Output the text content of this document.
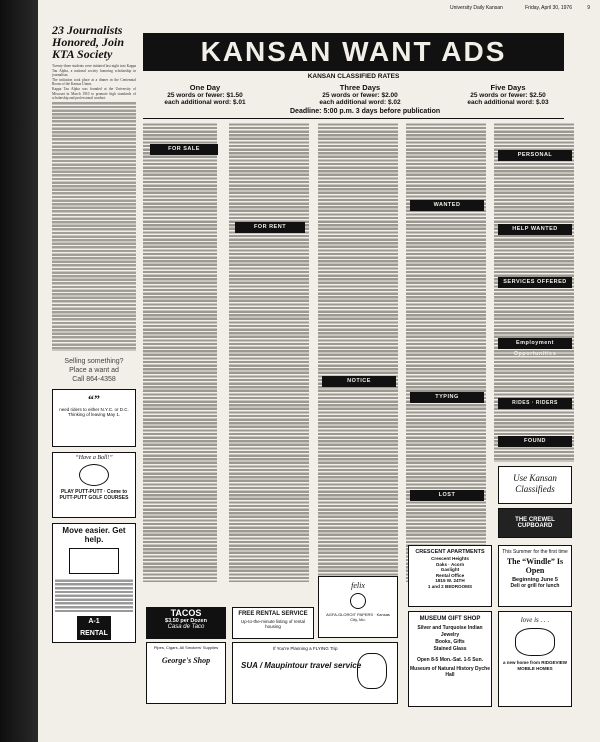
University Daily Kansan	Friday, April 30, 1976	9
23 Journalists Honored, Join KTA Society

Twenty-three students were initiated last night into Kappa Tau Alpha, a national society honoring scholarship in journalism.

The initiation took place at a dinner in the Centennial Room of the Kansas Union.

Kappa Tau Alpha was founded at the University of Missouri in March 1910 to promote high standards of scholarship and professional conduct.

Selling something?
Place a want ad
Call 864-4358
“”
need riders to either N.Y.C. or D.C. Thinking of leaving May 1.
“Have a Ball!”
PLAY PUTT-PUTT · Come to PUTT-PUTT GOLF COURSES
Move easier. Get help.
A-1 RENTAL
KANSAN WANT ADS
KANSAN CLASSIFIED RATES
One Day
25 words or fewer: $1.50
each additional word: $.01
Three Days
25 words or fewer: $2.00
each additional word: $.02
Five Days
25 words or fewer: $2.50
each additional word: $.03
Deadline: 5:00 p.m. 3 days before publication
FOR SALE
FOR RENT
NOTICE
WANTED
TYPING
LOST
PERSONAL
HELP WANTED
SERVICES OFFERED
Employment Opportunities
RIDES · RIDERS
FOUND
Use Kansan Classifieds
THE CREWEL CUPBOARD
TACOS
$3.50 per Dozen
Casa de Taco
Pipes, Cigars, All Smokers' Supplies
George's Shop
FREE RENTAL SERVICE
Up-to-the-minute listing of rental housing
felix
AGFA-GLOROIT PAPERS · Kansas City, Mo.
If You're Planning a FLYING Trip
SUA / Maupintour travel service
CRESCENT APARTMENTS
Crescent Heights
Oaks · Acorn
Gaslight
Rental Office
1815 W. 24TH
1 and 2 BEDROOMS
MUSEUM GIFT SHOP
Silver and Turquoise Indian Jewelry
Books, Gifts
Stained Glass
Open 8-5 Mon.-Sat. 1-5 Sun.
Museum of Natural History Dyche Hall
This Summer for the first time
The “Windle” Is Open
Beginning June 5
Deli or grill for lunch
love is . . .
a new home from RIDGEVIEW MOBILE HOMES
